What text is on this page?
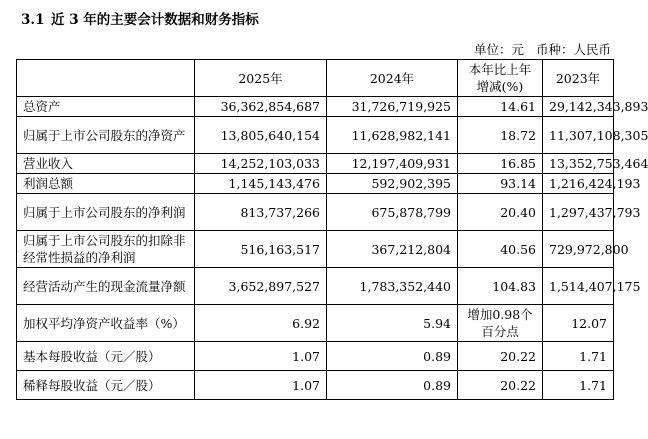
3.1 近 3 年的主要会计数据和财务指标
单位：元 币种：人民币
	2025年	2024年	本年比上年增减(%)	2023年
总资产	36,362,854,687	31,726,719,925	14.61	29,142,343,893
归属于上市公司股东的净资产	13,805,640,154	11,628,982,141	18.72	11,307,108,305
营业收入	14,252,103,033	12,197,409,931	16.85	13,352,753,464
利润总额	1,145,143,476	592,902,395	93.14	1,216,424,193
归属于上市公司股东的净利润	813,737,266	675,878,799	20.40	1,297,437,793
归属于上市公司股东的扣除非经常性损益的净利润	516,163,517	367,212,804	40.56	729,972,800
经营活动产生的现金流量净额	3,652,897,527	1,783,352,440	104.83	1,514,407,175
加权平均净资产收益率（%）	6.92	5.94	增加0.98个百分点	12.07
基本每股收益（元／股）	1.07	0.89	20.22	1.71
稀释每股收益（元／股）	1.07	0.89	20.22	1.71
